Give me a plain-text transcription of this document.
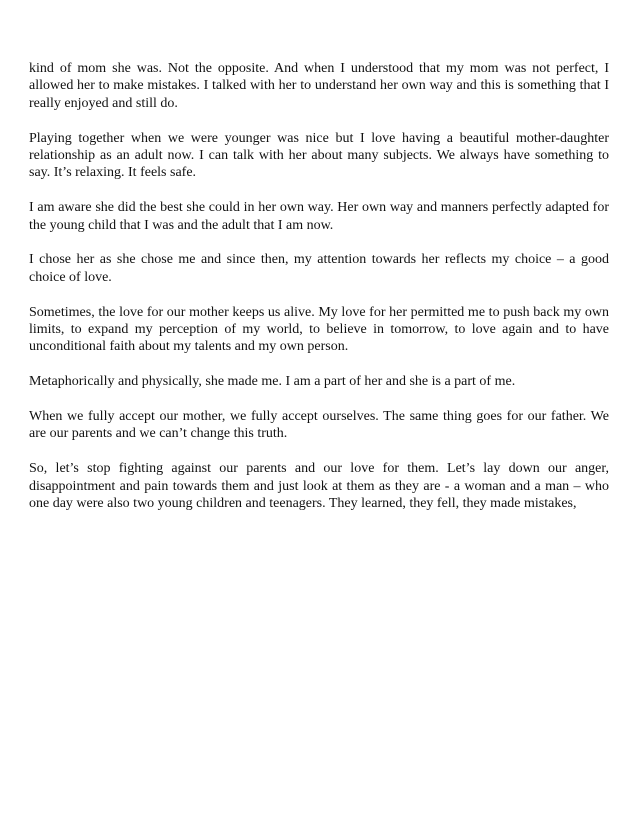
kind of mom she was. Not the opposite. And when I understood that my mom was not perfect, I allowed her to make mistakes. I talked with her to understand her own way and this is something that I really enjoyed and still do.

Playing together when we were younger was nice but I love having a beautiful mother-daughter relationship as an adult now. I can talk with her about many subjects. We always have something to say. It’s relaxing. It feels safe.

I am aware she did the best she could in her own way. Her own way and manners perfectly adapted for the young child that I was and the adult that I am now.

I chose her as she chose me and since then, my attention towards her reflects my choice – a good choice of love.

Sometimes, the love for our mother keeps us alive. My love for her permitted me to push back my own limits, to expand my perception of my world, to believe in tomorrow, to love again and to have unconditional faith about my talents and my own person.

Metaphorically and physically, she made me. I am a part of her and she is a part of me.

When we fully accept our mother, we fully accept ourselves. The same thing goes for our father. We are our parents and we can’t change this truth.

So, let’s stop fighting against our parents and our love for them. Let’s lay down our anger, disappointment and pain towards them and just look at them as they are - a woman and a man – who one day were also two young children and teenagers. They learned, they fell, they made mistakes,
